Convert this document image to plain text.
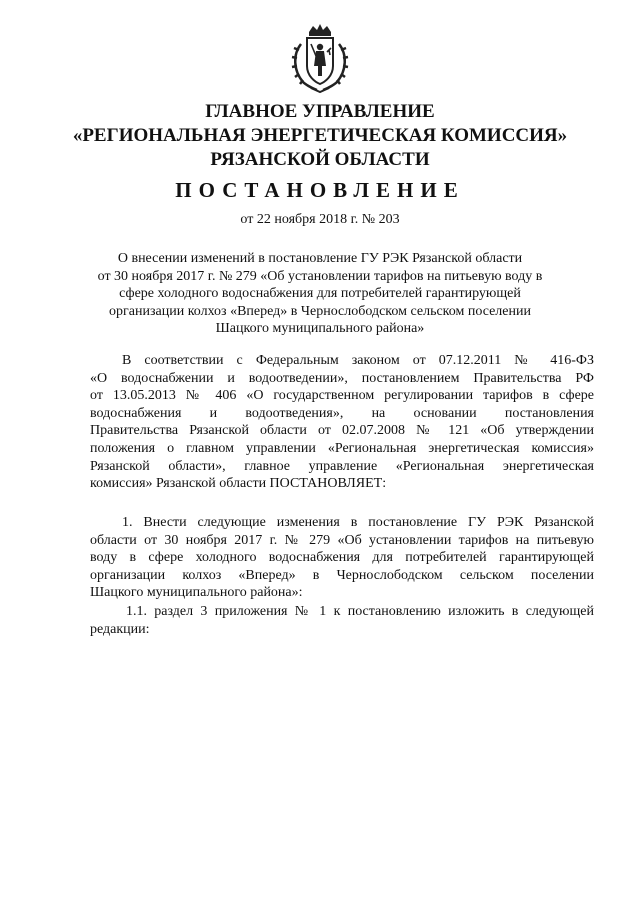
ГЛАВНОЕ УПРАВЛЕНИЕ
«РЕГИОНАЛЬНАЯ ЭНЕРГЕТИЧЕСКАЯ КОМИССИЯ»
РЯЗАНСКОЙ ОБЛАСТИ
ПОСТАНОВЛЕНИЕ
от 22 ноября 2018 г. № 203
О внесении изменений в постановление ГУ РЭК Рязанской области
от 30 ноября 2017 г. № 279 «Об установлении тарифов на питьевую воду в
сфере холодного водоснабжения для потребителей гарантирующей
организации колхоз «Вперед» в Чернослободском сельском поселении
Шацкого муниципального района»
В соответствии с Федеральным законом от 07.12.2011 № 416-ФЗ
«О водоснабжении и водоотведении», постановлением Правительства РФ
от 13.05.2013 № 406 «О государственном регулировании тарифов в сфере
водоснабжения и водоотведения», на основании постановления
Правительства Рязанской области от 02.07.2008 № 121 «Об утверждении
положения о главном управлении «Региональная энергетическая комиссия»
Рязанской области», главное управление «Региональная энергетическая
комиссия» Рязанской области ПОСТАНОВЛЯЕТ:
1. Внести следующие изменения в постановление ГУ РЭК Рязанской
области от 30 ноября 2017 г. № 279 «Об установлении тарифов на питьевую
воду в сфере холодного водоснабжения для потребителей гарантирующей
организации колхоз «Вперед» в Чернослободском сельском поселении
Шацкого муниципального района»:
1.1. раздел 3 приложения № 1 к постановлению изложить в следующей
редакции:
